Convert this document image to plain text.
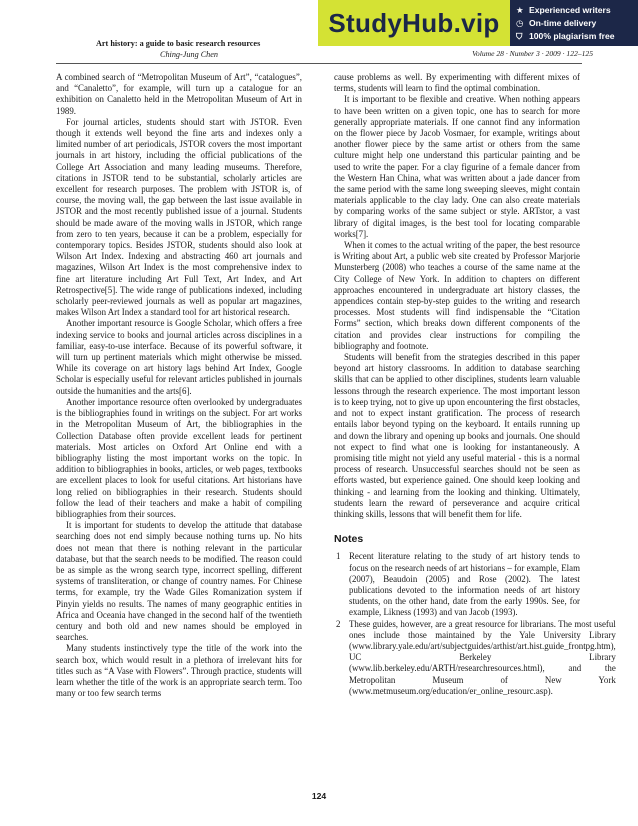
StudyHub .vip ★ Experienced writers
◷ On-time delivery
⛉ 100% plagiarism free
Art history: a guide to basic research resources
Ching-Jung Chen	Volume 28 · Number 3 · 2009 · 122–125

A combined search of “Metropolitan Museum of Art”, “catalogues”, and “Canaletto”, for example, will turn up a catalogue for an exhibition on Canaletto held in the Metropolitan Museum of Art in 1989.

For journal articles, students should start with JSTOR. Even though it extends well beyond the fine arts and indexes only a limited number of art periodicals, JSTOR covers the most important journals in art history, including the official publications of the College Art Association and many leading museums. Therefore, citations in JSTOR tend to be substantial, scholarly articles are excellent for research purposes. The problem with JSTOR is, of course, the moving wall, the gap between the last issue available in JSTOR and the most recently published issue of a journal. Students should be made aware of the moving walls in JSTOR, which range from zero to ten years, because it can be a problem, especially for contemporary topics. Besides JSTOR, students should also look at Wilson Art Index. Indexing and abstracting 460 art journals and magazines, Wilson Art Index is the most comprehensive index to fine art literature including Art Full Text, Art Index, and Art Retrospective[5]. The wide range of publications indexed, including scholarly peer-reviewed journals as well as popular art magazines, makes Wilson Art Index a standard tool for art historical research.

Another important resource is Google Scholar, which offers a free indexing service to books and journal articles across disciplines in a familiar, easy-to-use interface. Because of its powerful software, it will turn up pertinent materials which might otherwise be missed. While its coverage on art history lags behind Art Index, Google Scholar is especially useful for relevant articles published in journals outside the humanities and the arts[6].

Another importance resource often overlooked by undergraduates is the bibliographies found in writings on the subject. For art works in the Metropolitan Museum of Art, the bibliographies in the Collection Database often provide excellent leads for pertinent materials. Most articles on Oxford Art Online end with a bibliography listing the most important works on the topic. In addition to bibliographies in books, articles, or web pages, textbooks are excellent places to look for useful citations. Art historians have long relied on bibliographies in their research. Students should follow the lead of their teachers and make a habit of compiling bibliographies from their sources.

It is important for students to develop the attitude that database searching does not end simply because nothing turns up. No hits does not mean that there is nothing relevant in the particular database, but that the search needs to be modified. The reason could be as simple as the wrong search type, incorrect spelling, different systems of transliteration, or change of country names. For Chinese terms, for example, try the Wade Giles Romanization system if Pinyin yields no results. The names of many geographic entities in Africa and Oceania have changed in the second half of the twentieth century and both old and new names should be employed in searches.

Many students instinctively type the title of the work into the search box, which would result in a plethora of irrelevant hits for titles such as “A Vase with Flowers”. Through practice, students will learn whether the title of the work is an appropriate search term. Too many or too few search terms

cause problems as well. By experimenting with different mixes of terms, students will learn to find the optimal combination.

It is important to be flexible and creative. When nothing appears to have been written on a given topic, one has to search for more generally appropriate materials. If one cannot find any information on the flower piece by Jacob Vosmaer, for example, writings about another flower piece by the same artist or others from the same culture might help one understand this particular painting and be used to write the paper. For a clay figurine of a female dancer from the Western Han China, what was written about a jade dancer from the same period with the same long sweeping sleeves, might contain materials applicable to the clay lady. One can also create materials by comparing works of the same subject or style. ARTstor, a vast library of digital images, is the best tool for locating comparable works[7].

When it comes to the actual writing of the paper, the best resource is Writing about Art, a public web site created by Professor Marjorie Munsterberg (2008) who teaches a course of the same name at the City College of New York. In addition to chapters on different approaches encountered in undergraduate art history classes, the appendices contain step-by-step guides to the writing and research processes. Most students will find indispensable the “Citation Forms” section, which breaks down different components of the citation and provides clear instructions for compiling the bibliography and footnote.

Students will benefit from the strategies described in this paper beyond art history classrooms. In addition to database searching skills that can be applied to other disciplines, students learn valuable lessons through the research experience. The most important lesson is to keep trying, not to give up upon encountering the first obstacles, and not to expect instant gratification. The process of research entails labor beyond typing on the keyboard. It entails running up and down the library and opening up books and journals. One should not expect to find what one is looking for instantaneously. A promising title might not yield any useful material - this is a normal process of research. Unsuccessful searches should not be seen as efforts wasted, but experience gained. One should keep looking and thinking - and learning from the looking and thinking. Ultimately, students learn the reward of perseverance and acquire critical thinking skills, lessons that will benefit them for life.

Notes
1 Recent literature relating to the study of art history tends to focus on the research needs of art historians – for example, Elam (2007), Beaudoin (2005) and Rose (2002). The latest publications devoted to the information needs of art history students, on the other hand, date from the early 1990s. See, for example, Likness (1993) and van Jacob (1993).
2 These guides, however, are a great resource for librarians. The most useful ones include those maintained by the Yale University Library (www.library.yale.edu/art/subjectguides/arthist/art.hist.guide_frontpg.htm), UC Berkeley Library (www.lib.berkeley.edu/ARTH/researchresources.html), and the Metropolitan Museum of New York (www.metmuseum.org/education/er_online_resourc.asp).
124
